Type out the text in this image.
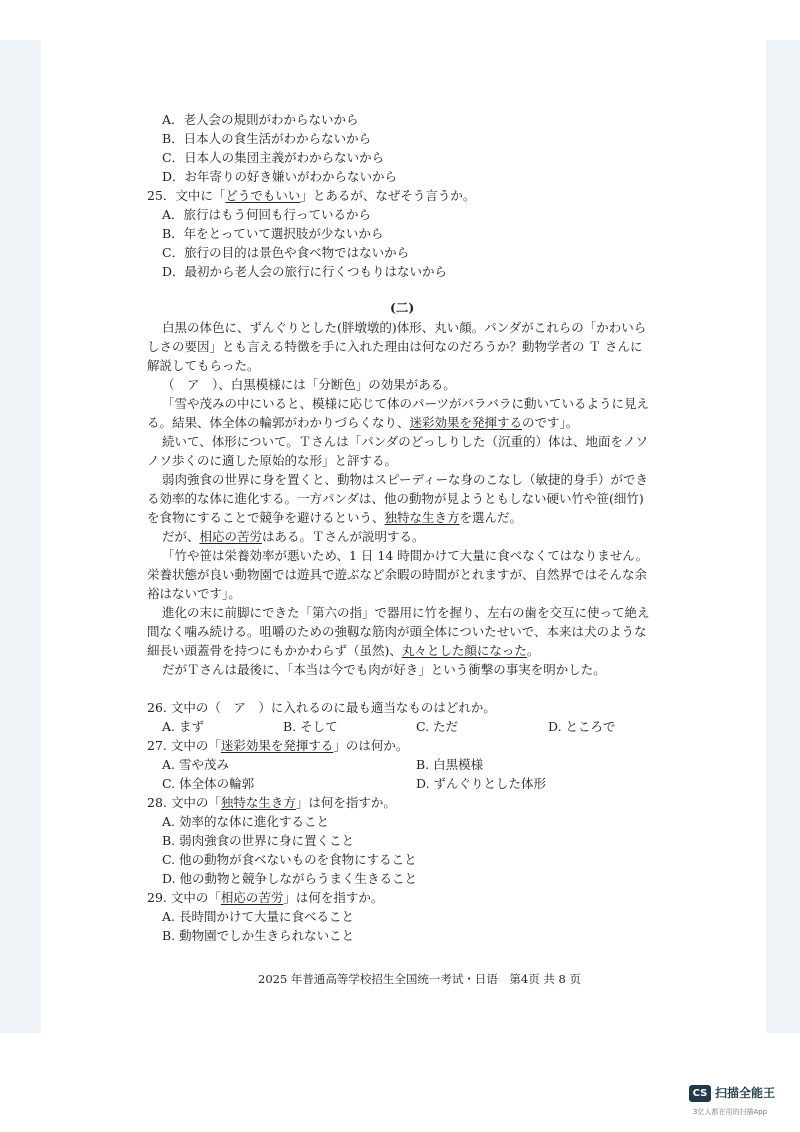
A．老人会の規則がわからないから
B．日本人の食生活がわからないから
C．日本人の集団主義がわからないから
D．お年寄りの好き嫌いがわからないから
25．文中に「どうでもいい」とあるが、なぜそう言うか。
A．旅行はもう何回も行っているから
B．年をとっていて選択肢が少ないから
C．旅行の目的は景色や食べ物ではないから
D．最初から老人会の旅行に行くつもりはないから
(二)
白黒の体色に、ずんぐりとした(胖墩墩的)体形、丸い顔。パンダがこれらの「かわいら
しさの要因」とも言える特徴を手に入れた理由は何なのだろうか？動物学者の Ｔ さんに
解説してもらった。
（　ア　）、白黒模様には「分断色」の効果がある。
「雪や茂みの中にいると、模様に応じて体のパーツがバラバラに動いているように見え
る。結果、体全体の輪郭がわかりづらくなり、迷彩効果を発揮するのです」。
続いて、体形について。Ｔさんは「パンダのどっしりした（沉重的）体は、地面をノソ
ノソ歩くのに適した原始的な形」と評する。
弱肉強食の世界に身を置くと、動物はスピーディーな身のこなし（敏捷的身手）ができ
る効率的な体に進化する。一方パンダは、他の動物が見ようともしない硬い竹や笹(细竹)
を食物にすることで競争を避けるという、独特な生き方を選んだ。
だが、相応の苦労はある。Ｔさんが説明する。
「竹や笹は栄養効率が悪いため、1 日 14 時間かけて大量に食べなくてはなりません。
栄養状態が良い動物園では遊具で遊ぶなど余暇の時間がとれますが、自然界ではそんな余
裕はないです」。
進化の末に前脚にできた「第六の指」で器用に竹を握り、左右の歯を交互に使って絶え
間なく噛み続ける。咀嚼のための強靱な筋肉が頭全体についたせいで、本来は犬のような
細長い頭蓋骨を持つにもかかわらず（虽然)、丸々とした顔になった。
だがＴさんは最後に、「本当は今でも肉が好き」という衝撃の事実を明かした。
26. 文中の（　ア　）に入れるのに最も適当なものはどれか。
A. まず	B. そして	C. ただ	D. ところで
27. 文中の「迷彩効果を発揮する」のは何か。
A. 雪や茂み	B. 白黒模様
C. 体全体の輪郭	D. ずんぐりとした体形
28. 文中の「独特な生き方」は何を指すか。
A. 効率的な体に進化すること
B. 弱肉強食の世界に身に置くこと
C. 他の動物が食べないものを食物にすること
D. 他の動物と競争しながらうまく生きること
29. 文中の「相応の苦労」は何を指すか。
A. 長時間かけて大量に食べること
B. 動物園でしか生きられないこと
2025 年普通高等学校招生全国统一考试・日语　第4页 共 8 页
CS 扫描全能王
3亿人都在用的扫描App
